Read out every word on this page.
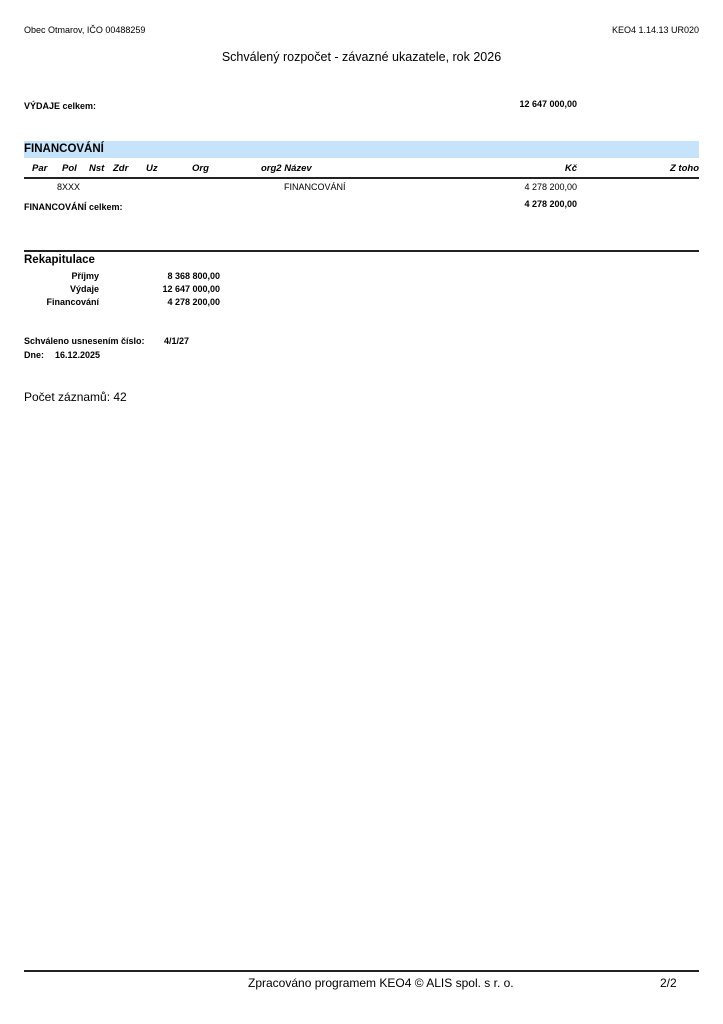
Obec Otmarov, IČO 00488259	KEO4 1.14.13 UR020
Schválený rozpočet - závazné ukazatele, rok 2026
VÝDAJE celkem:	12 647 000,00
FINANCOVÁNÍ
Par Pol Nst Zdr Uz	Org	org2 Název	Kč	Z toho
8XXX	FINANCOVÁNÍ	4 278 200,00
FINANCOVÁNÍ celkem:	4 278 200,00
Rekapitulace
Příjmy	8 368 800,00
Výdaje	12 647 000,00
Financování	4 278 200,00
Schváleno usnesením číslo: 4/1/27
Dne: 16.12.2025
Počet záznamů: 42
Zpracováno programem KEO4 © ALIS spol. s r. o.	2/2
